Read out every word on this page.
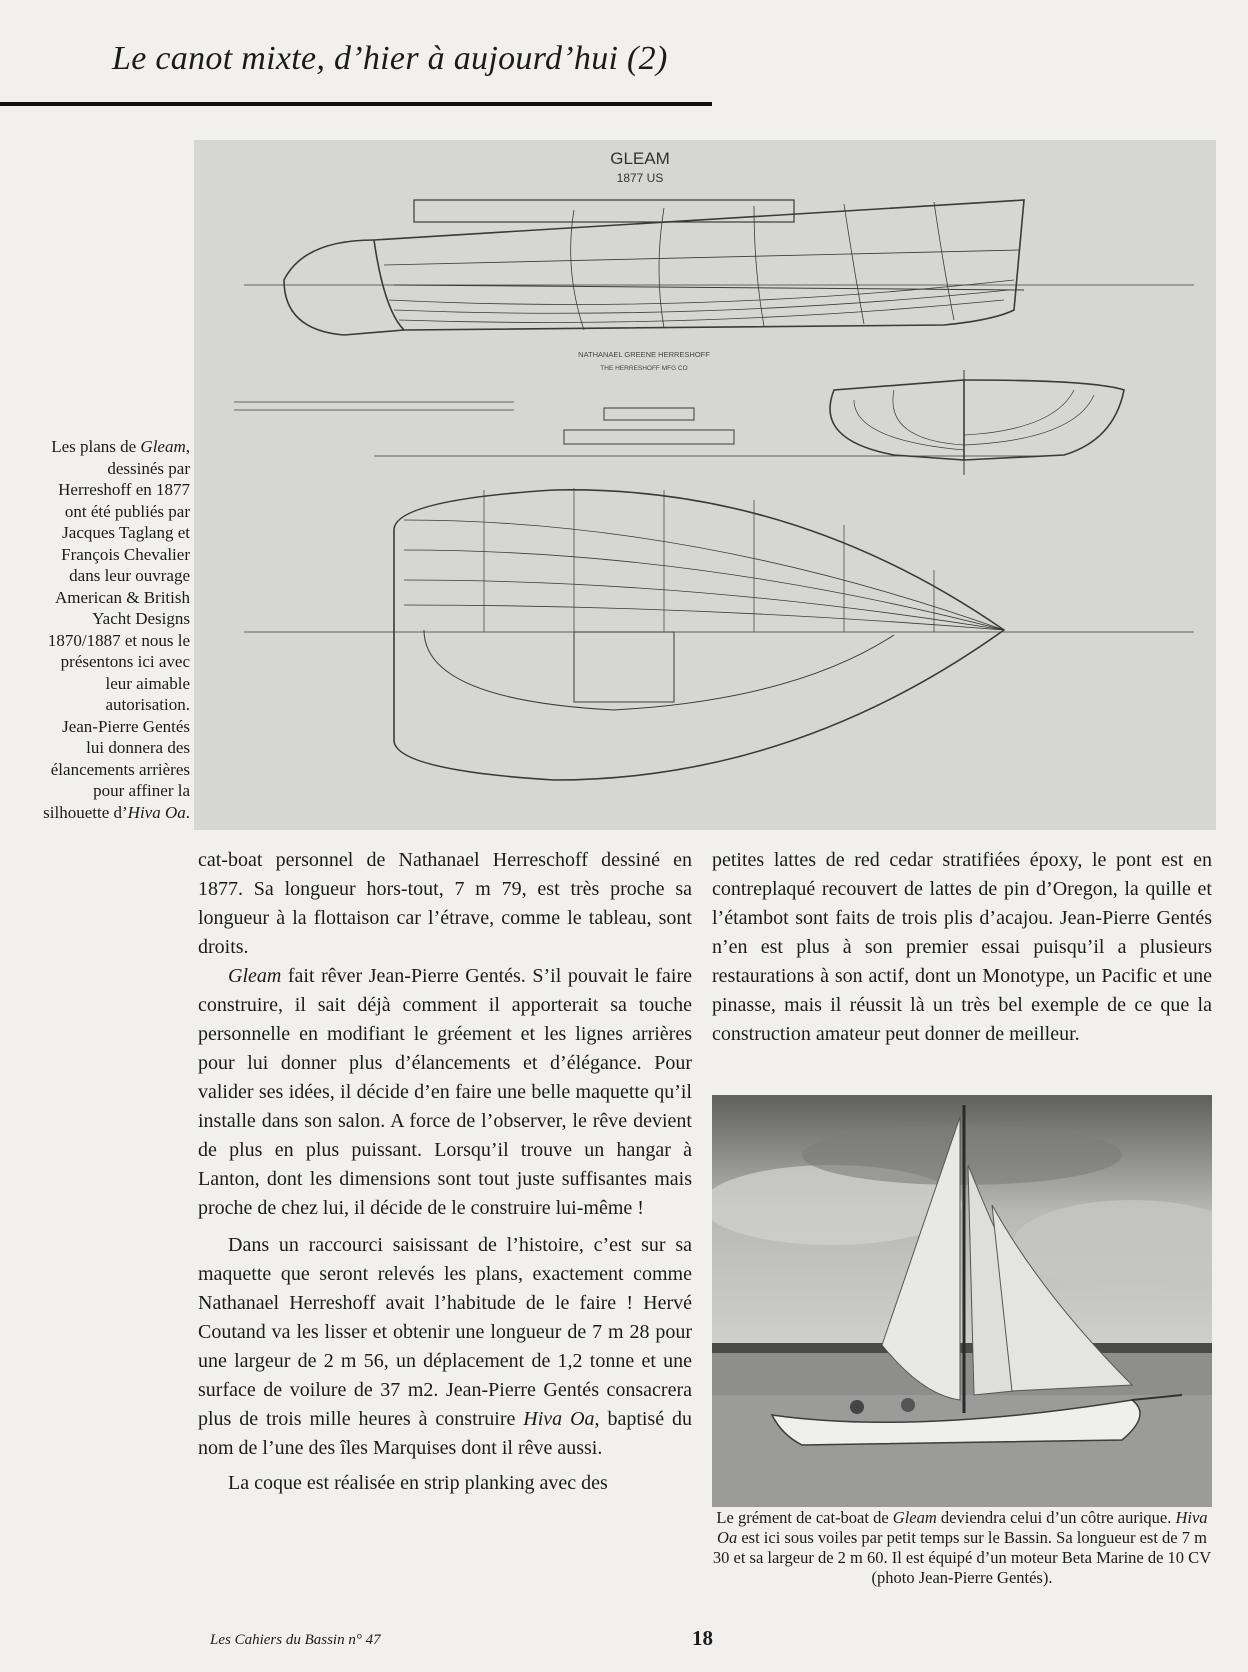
Le canot mixte, d’hier à aujourd’hui (2)
GLEAM
1877 US
NATHANAEL GREENE HERRESHOFF
THE HERRESHOFF MFG CO

Les plans de Gleam,

dessinés par

Herreshoff en 1877

ont été publiés par

Jacques Taglang et

François Chevalier

dans leur ouvrage

American & British

Yacht Designs

1870/1887 et nous le

présentons ici avec

leur aimable

autorisation.

Jean-Pierre Gentés

lui donnera des

élancements arrières

pour affiner la

silhouette d’Hiva Oa.

cat-boat personnel de Nathanael Herreschoff dessiné en 1877. Sa longueur hors-tout, 7 m 79, est très proche sa longueur à la flottaison car l’étrave, comme le tableau, sont droits.

Gleam fait rêver Jean-Pierre Gentés. S’il pouvait le faire construire, il sait déjà comment il apporterait sa touche personnelle en modifiant le gréement et les lignes arrières pour lui donner plus d’élancements et d’élégance. Pour valider ses idées, il décide d’en faire une belle maquette qu’il installe dans son salon. A force de l’observer, le rêve devient de plus en plus puissant. Lorsqu’il trouve un hangar à Lanton, dont les dimensions sont tout juste suffisantes mais proche de chez lui, il décide de le construire lui-même !

Dans un raccourci saisissant de l’histoire, c’est sur sa maquette que seront relevés les plans, exactement comme Nathanael Herreshoff avait l’habitude de le faire ! Hervé Coutand va les lisser et obtenir une longueur de 7 m 28 pour une largeur de 2 m 56, un déplacement de 1,2 tonne et une surface de voilure de 37 m2. Jean-Pierre Gentés consacrera plus de trois mille heures à construire Hiva Oa, baptisé du nom de l’une des îles Marquises dont il rêve aussi.

La coque est réalisée en strip planking avec des

petites lattes de red cedar stratifiées époxy, le pont est en contreplaqué recouvert de lattes de pin d’Oregon, la quille et l’étambot sont faits de trois plis d’acajou. Jean-Pierre Gentés n’en est plus à son premier essai puisqu’il a plusieurs restaurations à son actif, dont un Monotype, un Pacific et une pinasse, mais il réussit là un très bel exemple de ce que la construction amateur peut donner de meilleur.

Le grément de cat-boat de Gleam deviendra celui d’un côtre aurique. Hiva Oa est ici sous voiles par petit temps sur le Bassin. Sa longueur est de 7 m 30 et sa largeur de 2 m 60. Il est équipé d’un moteur Beta Marine de 10 CV (photo Jean-Pierre Gentés).

Les Cahiers du Bassin n° 47	18
